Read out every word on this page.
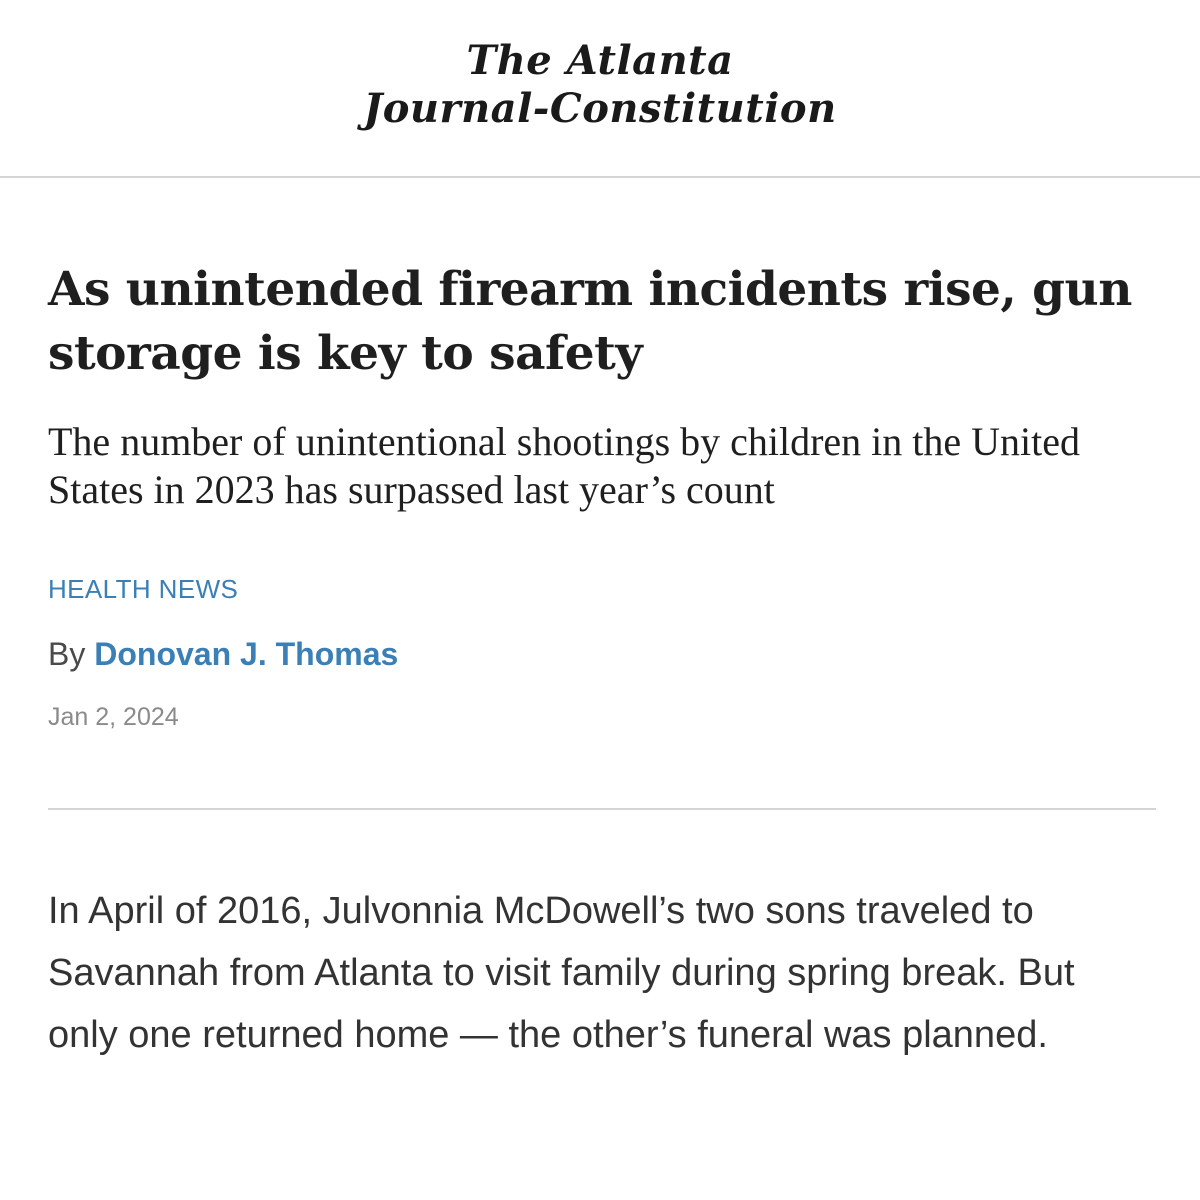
The Atlanta
Journal-Constitution
As unintended firearm incidents rise, gun storage is key to safety
The number of unintentional shootings by children in the United States in 2023 has surpassed last year’s count
HEALTH NEWS
By Donovan J. Thomas
Jan 2, 2024

In April of 2016, Julvonnia McDowell’s two sons traveled to Savannah from Atlanta to visit family during spring break. But only one returned home — the other’s funeral was planned.
